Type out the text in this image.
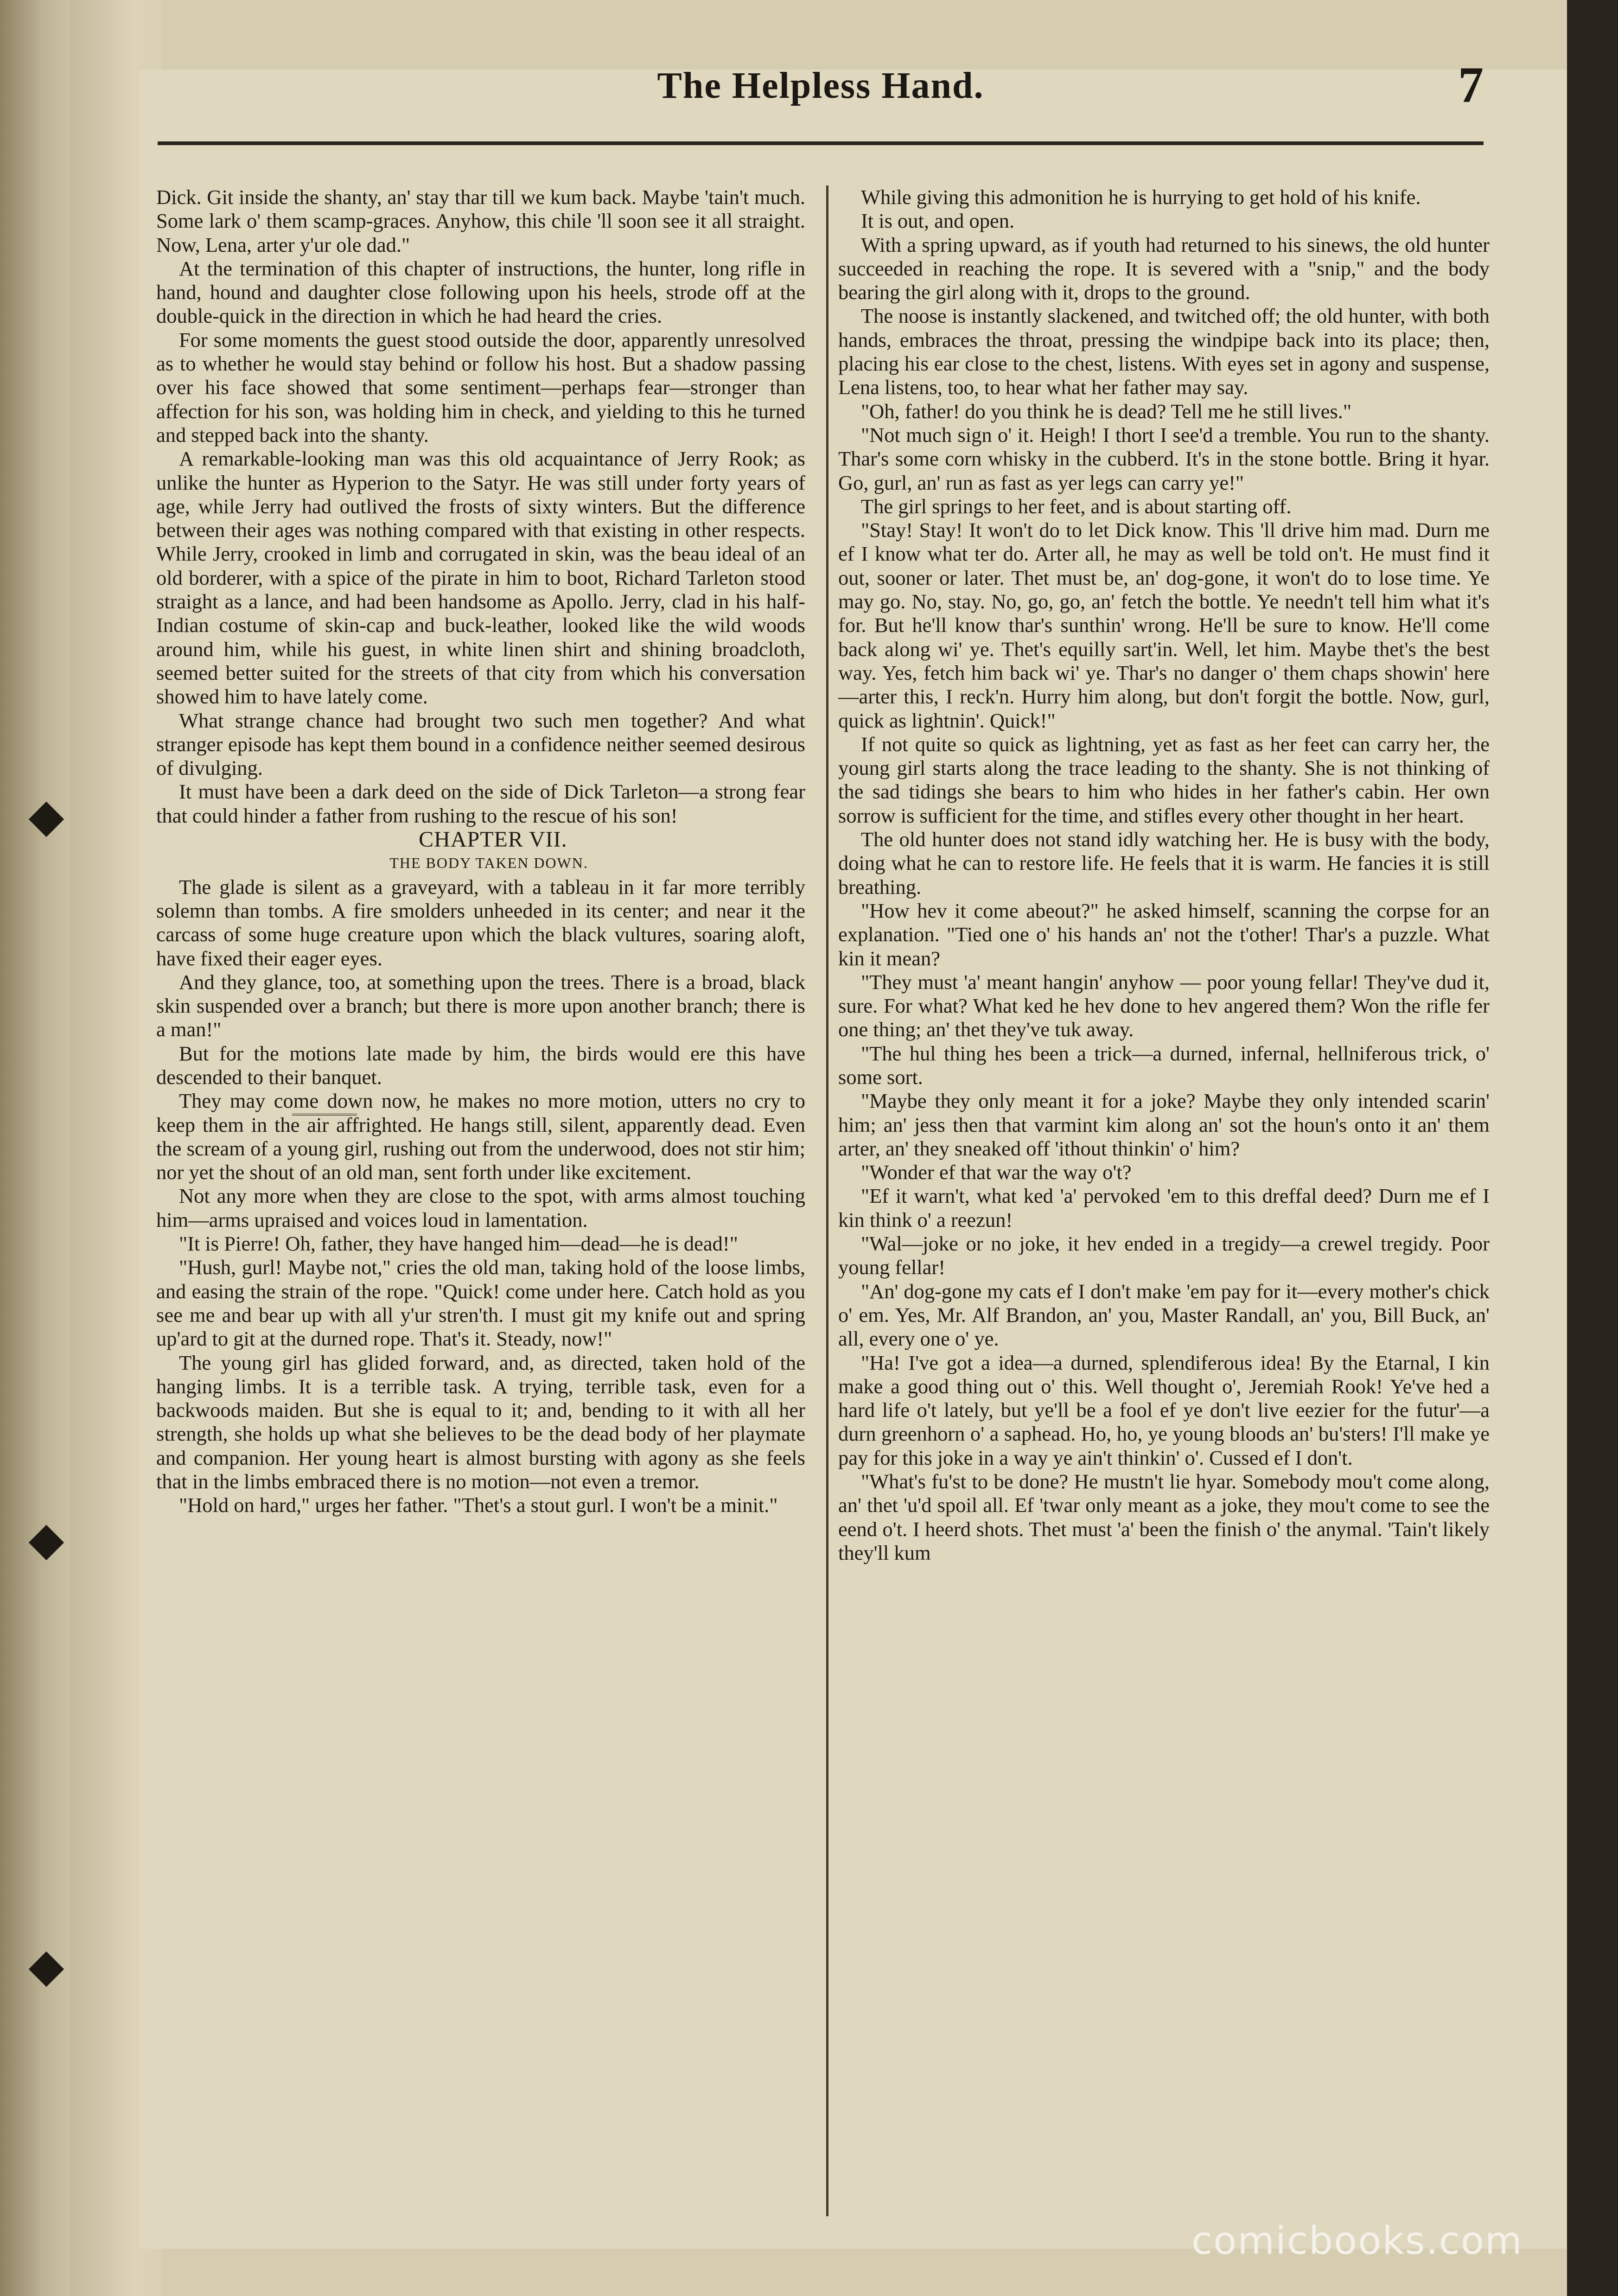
◆
◆
◆
The Helpless Hand.	7

Dick. Git inside the shanty, an' stay thar till we kum back. Maybe 'tain't much. Some lark o' them scamp-graces. Anyhow, this chile 'll soon see it all straight. Now, Lena, arter y'ur ole dad."

At the termination of this chapter of instructions, the hunter, long rifle in hand, hound and daughter close following upon his heels, strode off at the double-quick in the direction in which he had heard the cries.

For some moments the guest stood outside the door, apparently unresolved as to whether he would stay behind or follow his host. But a shadow passing over his face showed that some sentiment—perhaps fear—stronger than affection for his son, was holding him in check, and yielding to this he turned and stepped back into the shanty.

A remarkable-looking man was this old acquaintance of Jerry Rook; as unlike the hunter as Hyperion to the Satyr. He was still under forty years of age, while Jerry had outlived the frosts of sixty winters. But the difference between their ages was nothing compared with that existing in other respects. While Jerry, crooked in limb and corrugated in skin, was the beau ideal of an old borderer, with a spice of the pirate in him to boot, Richard Tarleton stood straight as a lance, and had been handsome as Apollo. Jerry, clad in his half-Indian costume of skin-cap and buck-leather, looked like the wild woods around him, while his guest, in white linen shirt and shining broadcloth, seemed better suited for the streets of that city from which his conversation showed him to have lately come.

What strange chance had brought two such men together? And what stranger episode has kept them bound in a confidence neither seemed desirous of divulging.

It must have been a dark deed on the side of Dick Tarleton—a strong fear that could hinder a father from rushing to the rescue of his son!

CHAPTER VII.

THE BODY TAKEN DOWN.

The glade is silent as a graveyard, with a tableau in it far more terribly solemn than tombs. A fire smolders unheeded in its center; and near it the carcass of some huge creature upon which the black vultures, soaring aloft, have fixed their eager eyes.

And they glance, too, at something upon the trees. There is a broad, black skin suspended over a branch; but there is more upon another branch; there is a man!"

But for the motions late made by him, the birds would ere this have descended to their banquet.

They may come down now, he makes no more motion, utters no cry to keep them in the air affrighted. He hangs still, silent, apparently dead. Even the scream of a young girl, rushing out from the underwood, does not stir him; nor yet the shout of an old man, sent forth under like excitement.

Not any more when they are close to the spot, with arms almost touching him—arms upraised and voices loud in lamentation.

"It is Pierre! Oh, father, they have hanged him—dead—he is dead!"

"Hush, gurl! Maybe not," cries the old man, taking hold of the loose limbs, and easing the strain of the rope. "Quick! come under here. Catch hold as you see me and bear up with all y'ur stren'th. I must git my knife out and spring up'ard to git at the durned rope. That's it. Steady, now!"

The young girl has glided forward, and, as directed, taken hold of the hanging limbs. It is a terrible task. A trying, terrible task, even for a backwoods maiden. But she is equal to it; and, bending to it with all her strength, she holds up what she believes to be the dead body of her playmate and companion. Her young heart is almost bursting with agony as she feels that in the limbs embraced there is no motion—not even a tremor.

"Hold on hard," urges her father. "Thet's a stout gurl. I won't be a minit."

While giving this admonition he is hurrying to get hold of his knife.

It is out, and open.

With a spring upward, as if youth had returned to his sinews, the old hunter succeeded in reaching the rope. It is severed with a "snip," and the body bearing the girl along with it, drops to the ground.

The noose is instantly slackened, and twitched off; the old hunter, with both hands, embraces the throat, pressing the windpipe back into its place; then, placing his ear close to the chest, listens. With eyes set in agony and suspense, Lena listens, too, to hear what her father may say.

"Oh, father! do you think he is dead? Tell me he still lives."

"Not much sign o' it. Heigh! I thort I see'd a tremble. You run to the shanty. Thar's some corn whisky in the cubberd. It's in the stone bottle. Bring it hyar. Go, gurl, an' run as fast as yer legs can carry ye!"

The girl springs to her feet, and is about starting off.

"Stay! Stay! It won't do to let Dick know. This 'll drive him mad. Durn me ef I know what ter do. Arter all, he may as well be told on't. He must find it out, sooner or later. Thet must be, an' dog-gone, it won't do to lose time. Ye may go. No, stay. No, go, go, an' fetch the bottle. Ye needn't tell him what it's for. But he'll know thar's sunthin' wrong. He'll be sure to know. He'll come back along wi' ye. Thet's equilly sart'in. Well, let him. Maybe thet's the best way. Yes, fetch him back wi' ye. Thar's no danger o' them chaps showin' here—arter this, I reck'n. Hurry him along, but don't forgit the bottle. Now, gurl, quick as lightnin'. Quick!"

If not quite so quick as lightning, yet as fast as her feet can carry her, the young girl starts along the trace leading to the shanty. She is not thinking of the sad tidings she bears to him who hides in her father's cabin. Her own sorrow is sufficient for the time, and stifles every other thought in her heart.

The old hunter does not stand idly watching her. He is busy with the body, doing what he can to restore life. He feels that it is warm. He fancies it is still breathing.

"How hev it come abeout?" he asked himself, scanning the corpse for an explanation. "Tied one o' his hands an' not the t'other! Thar's a puzzle. What kin it mean?

"They must 'a' meant hangin' anyhow — poor young fellar! They've dud it, sure. For what? What ked he hev done to hev angered them? Won the rifle fer one thing; an' thet they've tuk away.

"The hul thing hes been a trick—a durned, infernal, hellniferous trick, o' some sort.

"Maybe they only meant it for a joke? Maybe they only intended scarin' him; an' jess then that varmint kim along an' sot the houn's onto it an' them arter, an' they sneaked off 'ithout thinkin' o' him?

"Wonder ef that war the way o't?

"Ef it warn't, what ked 'a' pervoked 'em to this dreffal deed? Durn me ef I kin think o' a reezun!

"Wal—joke or no joke, it hev ended in a tregidy—a crewel tregidy. Poor young fellar!

"An' dog-gone my cats ef I don't make 'em pay for it—every mother's chick o' em. Yes, Mr. Alf Brandon, an' you, Master Randall, an' you, Bill Buck, an' all, every one o' ye.

"Ha! I've got a idea—a durned, splendiferous idea! By the Etarnal, I kin make a good thing out o' this. Well thought o', Jeremiah Rook! Ye've hed a hard life o't lately, but ye'll be a fool ef ye don't live eezier for the futur'—a durn greenhorn o' a saphead. Ho, ho, ye young bloods an' bu'sters! I'll make ye pay for this joke in a way ye ain't thinkin' o'. Cussed ef I don't.

"What's fu'st to be done? He mustn't lie hyar. Somebody mou't come along, an' thet 'u'd spoil all. Ef 'twar only meant as a joke, they mou't come to see the eend o't. I heerd shots. Thet must 'a' been the finish o' the anymal. 'Tain't likely they'll kum

comicbooks.com
